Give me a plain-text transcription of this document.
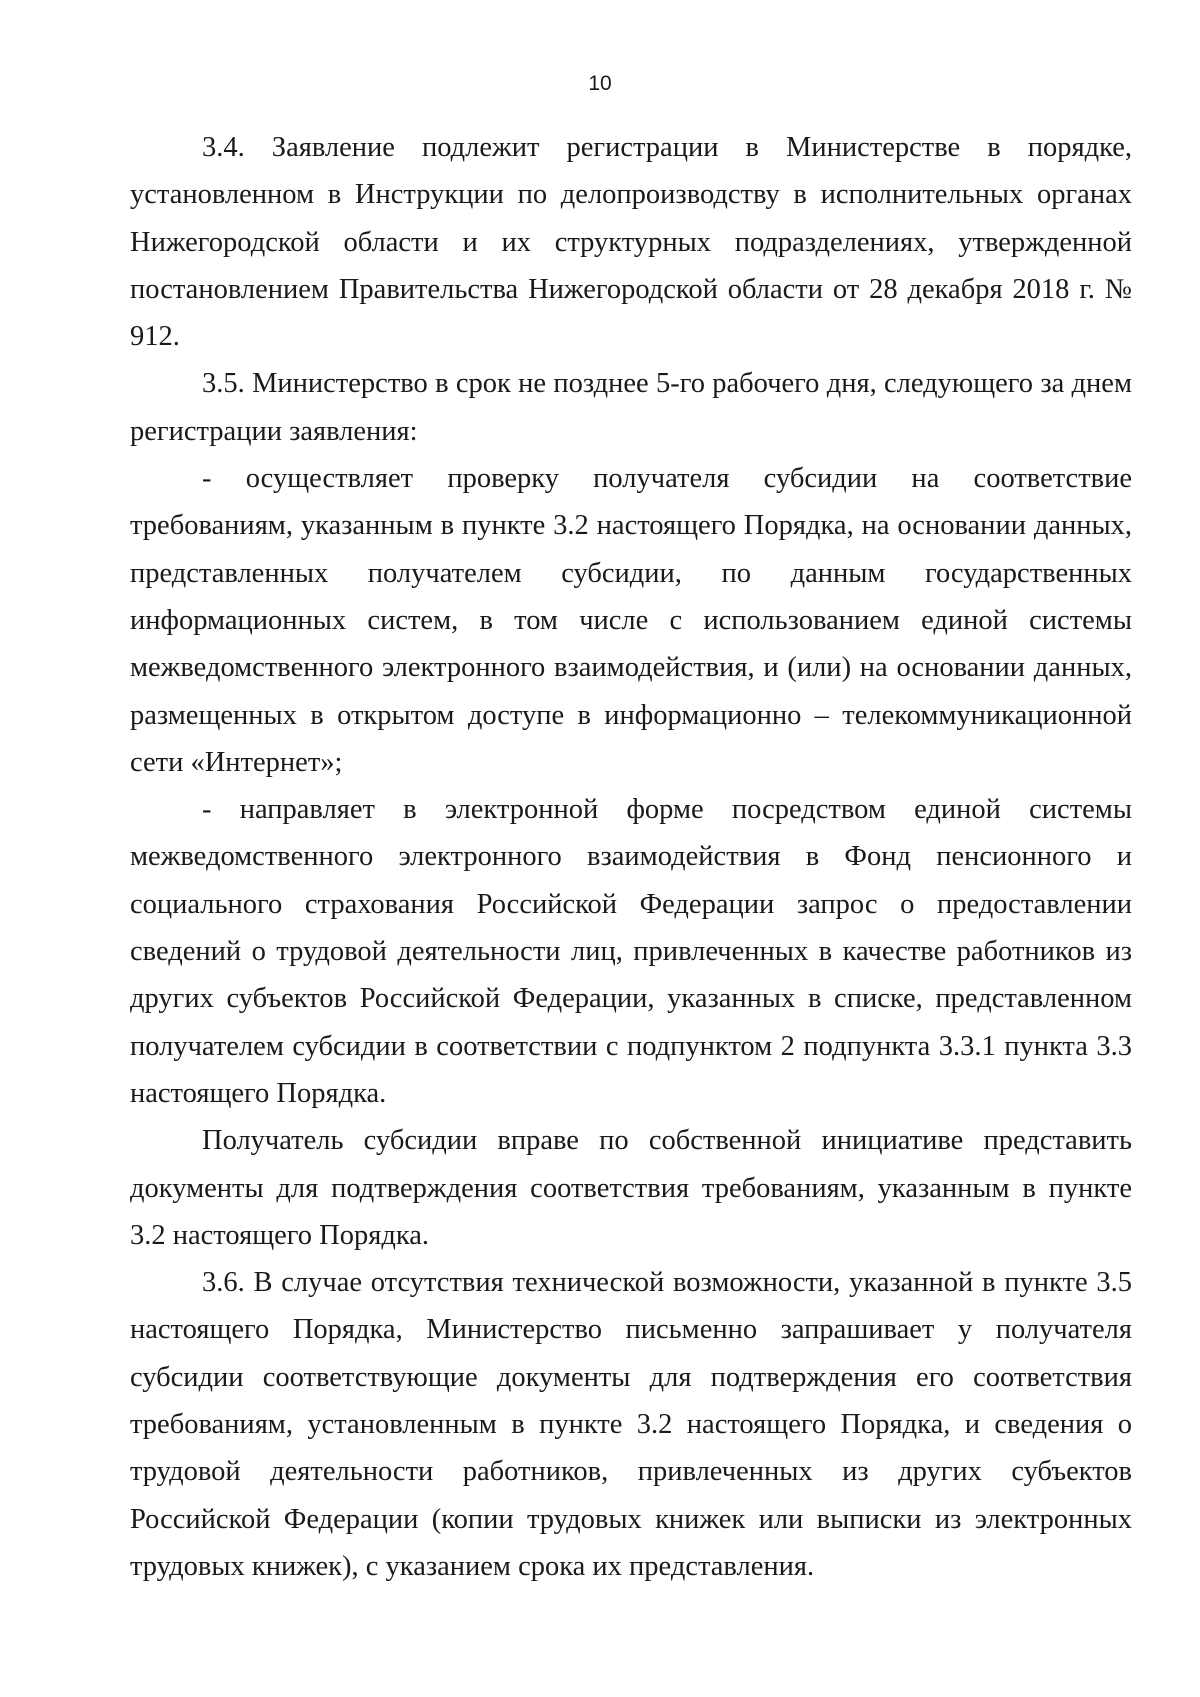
10

3.4. Заявление подлежит регистрации в Министерстве в порядке, установленном в Инструкции по делопроизводству в исполнительных органах Нижегородской области и их структурных подразделениях, утвержденной постановлением Правительства Нижегородской области от 28 декабря 2018 г. № 912.

3.5. Министерство в срок не позднее 5-го рабочего дня, следующего за днем регистрации заявления:

- осуществляет проверку получателя субсидии на соответствие требованиям, указанным в пункте 3.2 настоящего Порядка, на основании данных, представленных получателем субсидии, по данным государственных информационных систем, в том числе с использованием единой системы межведомственного электронного взаимодействия, и (или) на основании данных, размещенных в открытом доступе в информационно – телекоммуникационной сети «Интернет»;

- направляет в электронной форме посредством единой системы межведомственного электронного взаимодействия в Фонд пенсионного и социального страхования Российской Федерации запрос о предоставлении сведений о трудовой деятельности лиц, привлеченных в качестве работников из других субъектов Российской Федерации, указанных в списке, представленном получателем субсидии в соответствии с подпунктом 2 подпункта 3.3.1 пункта 3.3 настоящего Порядка.

Получатель субсидии вправе по собственной инициативе представить документы для подтверждения соответствия требованиям, указанным в пункте 3.2 настоящего Порядка.

3.6. В случае отсутствия технической возможности, указанной в пункте 3.5 настоящего Порядка, Министерство письменно запрашивает у получателя субсидии соответствующие документы для подтверждения его соответствия требованиям, установленным в пункте 3.2 настоящего Порядка, и сведения о трудовой деятельности работников, привлеченных из других субъектов Российской Федерации (копии трудовых книжек или выписки из электронных трудовых книжек), с указанием срока их представления.
